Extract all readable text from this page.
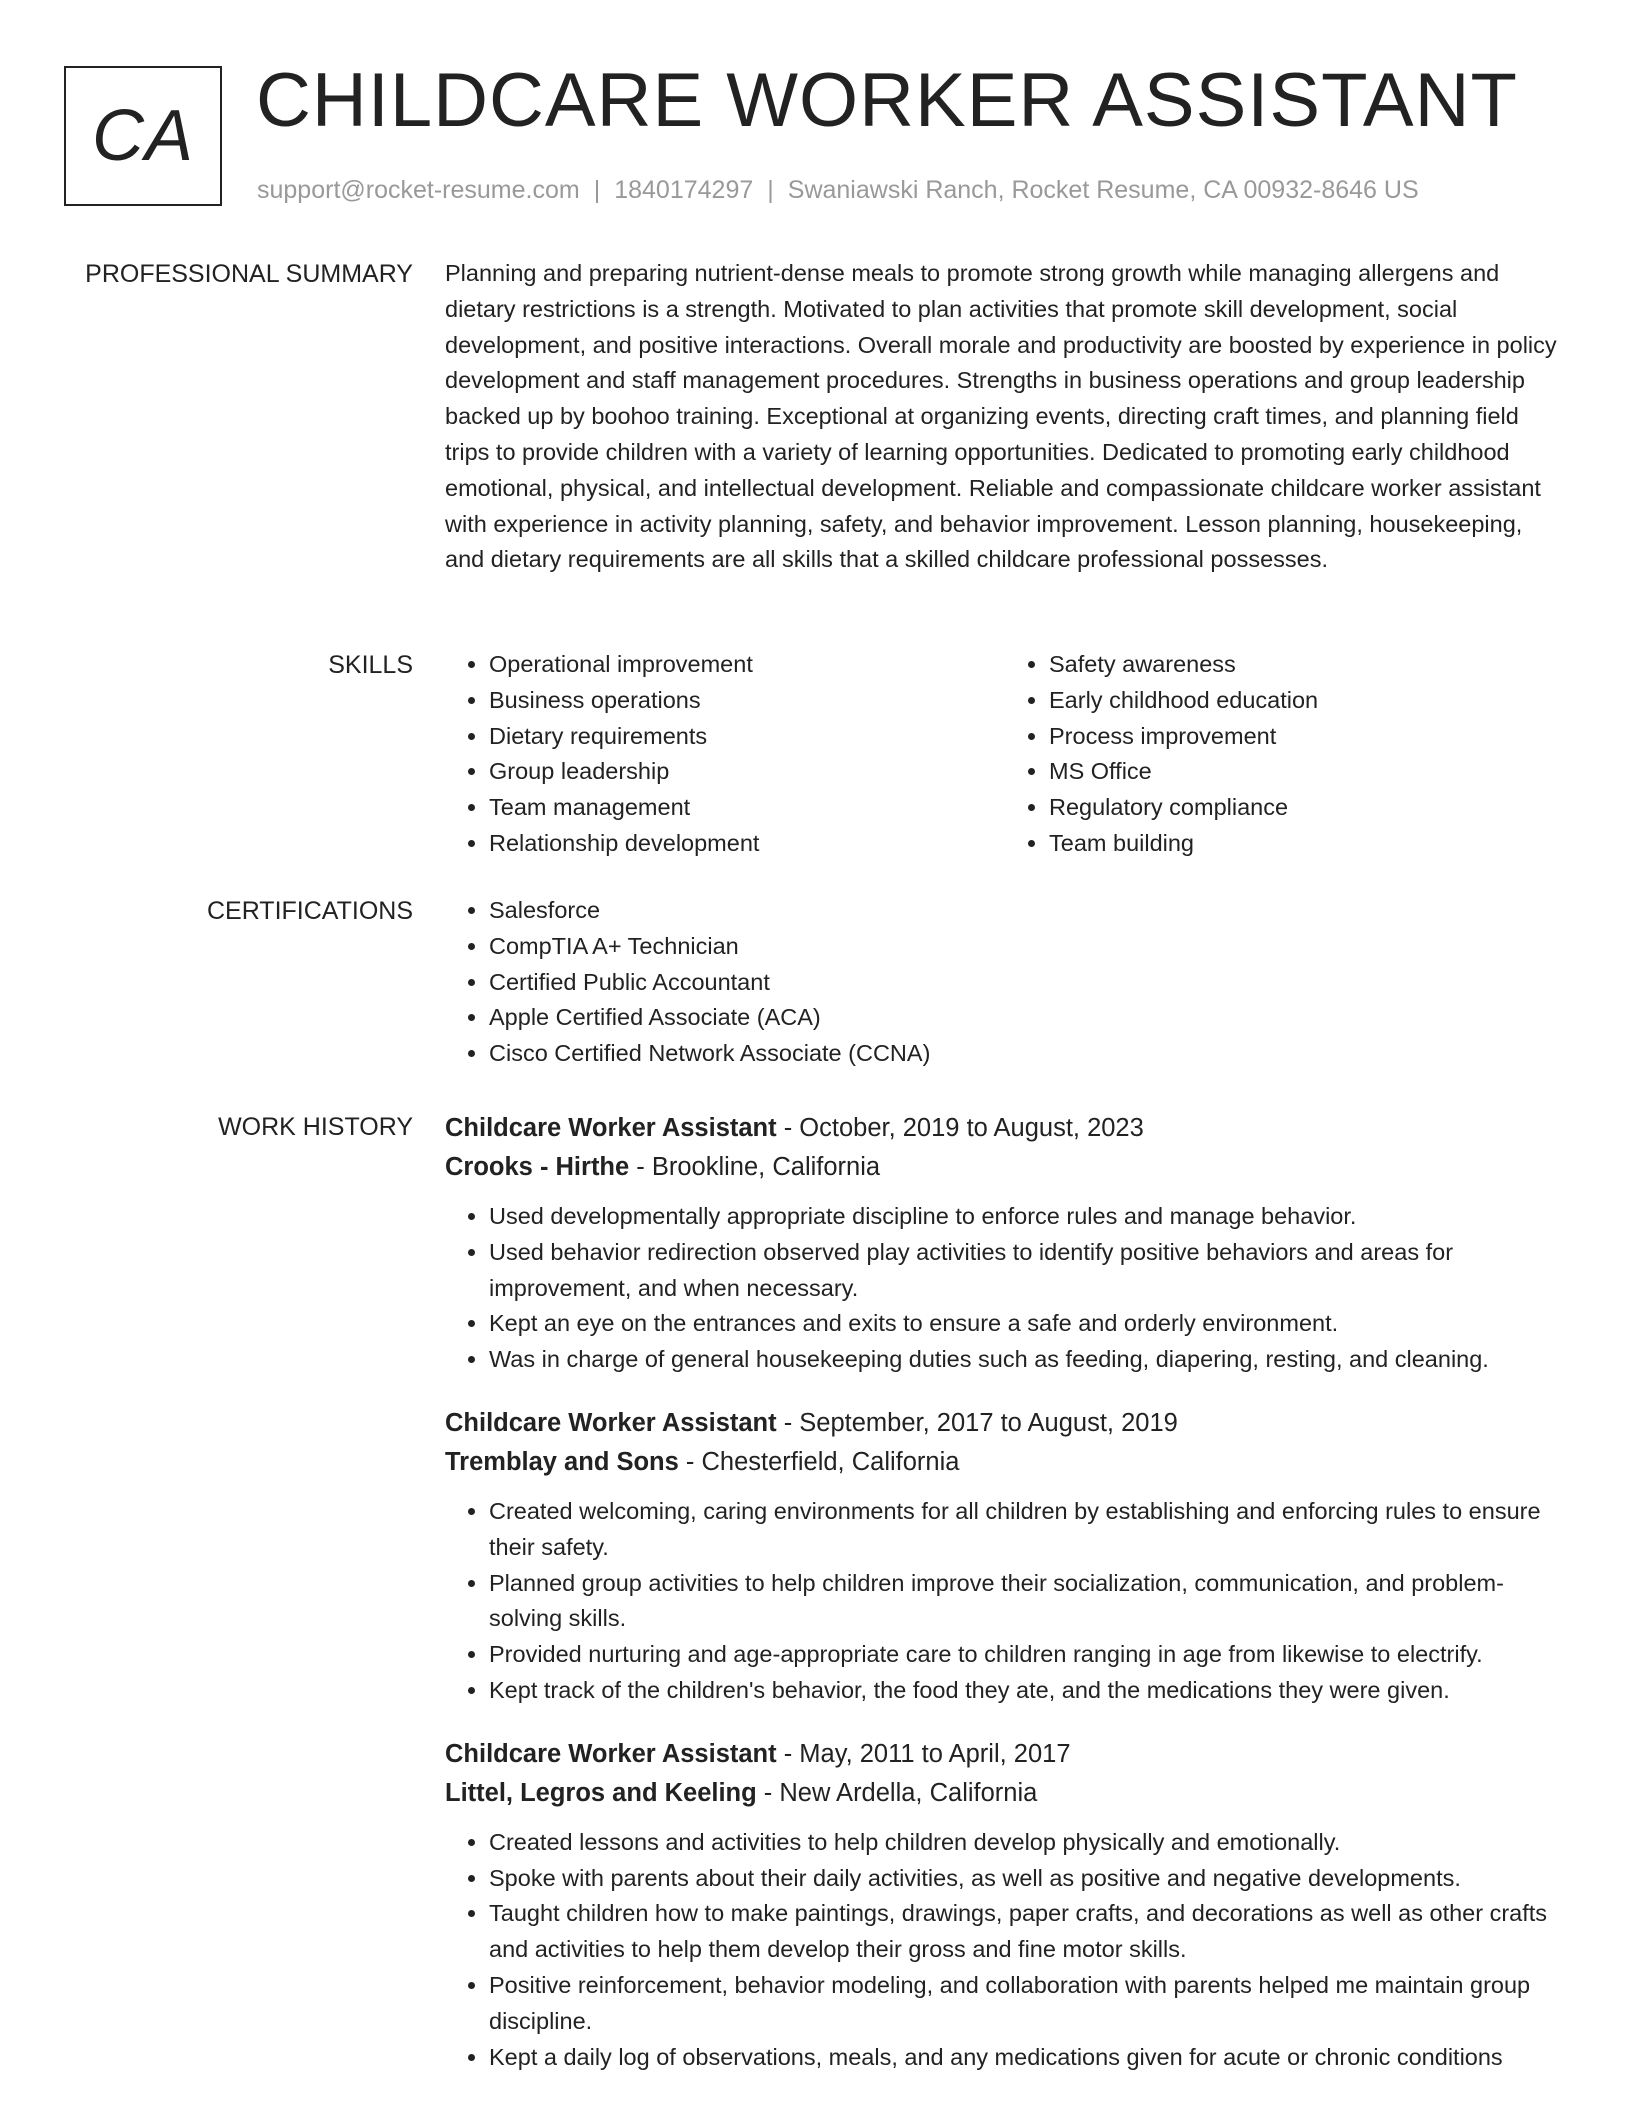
CA CHILDCARE WORKER ASSISTANT
support@rocket-resume.com | 1840174297 | Swaniawski Ranch, Rocket Resume, CA 00932-8646 US
PROFESSIONAL SUMMARY Planning and preparing nutrient-dense meals to promote strong growth while managing allergens and dietary restrictions is a strength. Motivated to plan activities that promote skill development, social development, and positive interactions. Overall morale and productivity are boosted by experience in policy development and staff management procedures. Strengths in business operations and group leadership backed up by boohoo training. Exceptional at organizing events, directing craft times, and planning field trips to provide children with a variety of learning opportunities. Dedicated to promoting early childhood emotional, physical, and intellectual development. Reliable and compassionate childcare worker assistant with experience in activity planning, safety, and behavior improvement. Lesson planning, housekeeping, and dietary requirements are all skills that a skilled childcare professional possesses.

SKILLS	• Operational improvement
• Business operations
• Dietary requirements
• Group leadership
• Team management
• Relationship development
• Safety awareness
• Early childhood education
• Process improvement
• MS Office
• Regulatory compliance
• Team building
CERTIFICATIONS	• Salesforce
• CompTIA A+ Technician
• Certified Public Accountant
• Apple Certified Associate (ACA)
• Cisco Certified Network Associate (CCNA)
WORK HISTORY Childcare Worker Assistant - October, 2019 to August, 2023
Crooks - Hirthe - Brookline, California
• Used developmentally appropriate discipline to enforce rules and manage behavior.
• Used behavior redirection observed play activities to identify positive behaviors and areas for improvement, and when necessary.
• Kept an eye on the entrances and exits to ensure a safe and orderly environment.
• Was in charge of general housekeeping duties such as feeding, diapering, resting, and cleaning.
Childcare Worker Assistant - September, 2017 to August, 2019
Tremblay and Sons - Chesterfield, California
• Created welcoming, caring environments for all children by establishing and enforcing rules to ensure their safety.
• Planned group activities to help children improve their socialization, communication, and problem-solving skills.
• Provided nurturing and age-appropriate care to children ranging in age from likewise to electrify.
• Kept track of the children's behavior, the food they ate, and the medications they were given.
Childcare Worker Assistant - May, 2011 to April, 2017
Littel, Legros and Keeling - New Ardella, California
• Created lessons and activities to help children develop physically and emotionally.
• Spoke with parents about their daily activities, as well as positive and negative developments.
• Taught children how to make paintings, drawings, paper crafts, and decorations as well as other crafts and activities to help them develop their gross and fine motor skills.
• Positive reinforcement, behavior modeling, and collaboration with parents helped me maintain group discipline.
• Kept a daily log of observations, meals, and any medications given for acute or chronic conditions
